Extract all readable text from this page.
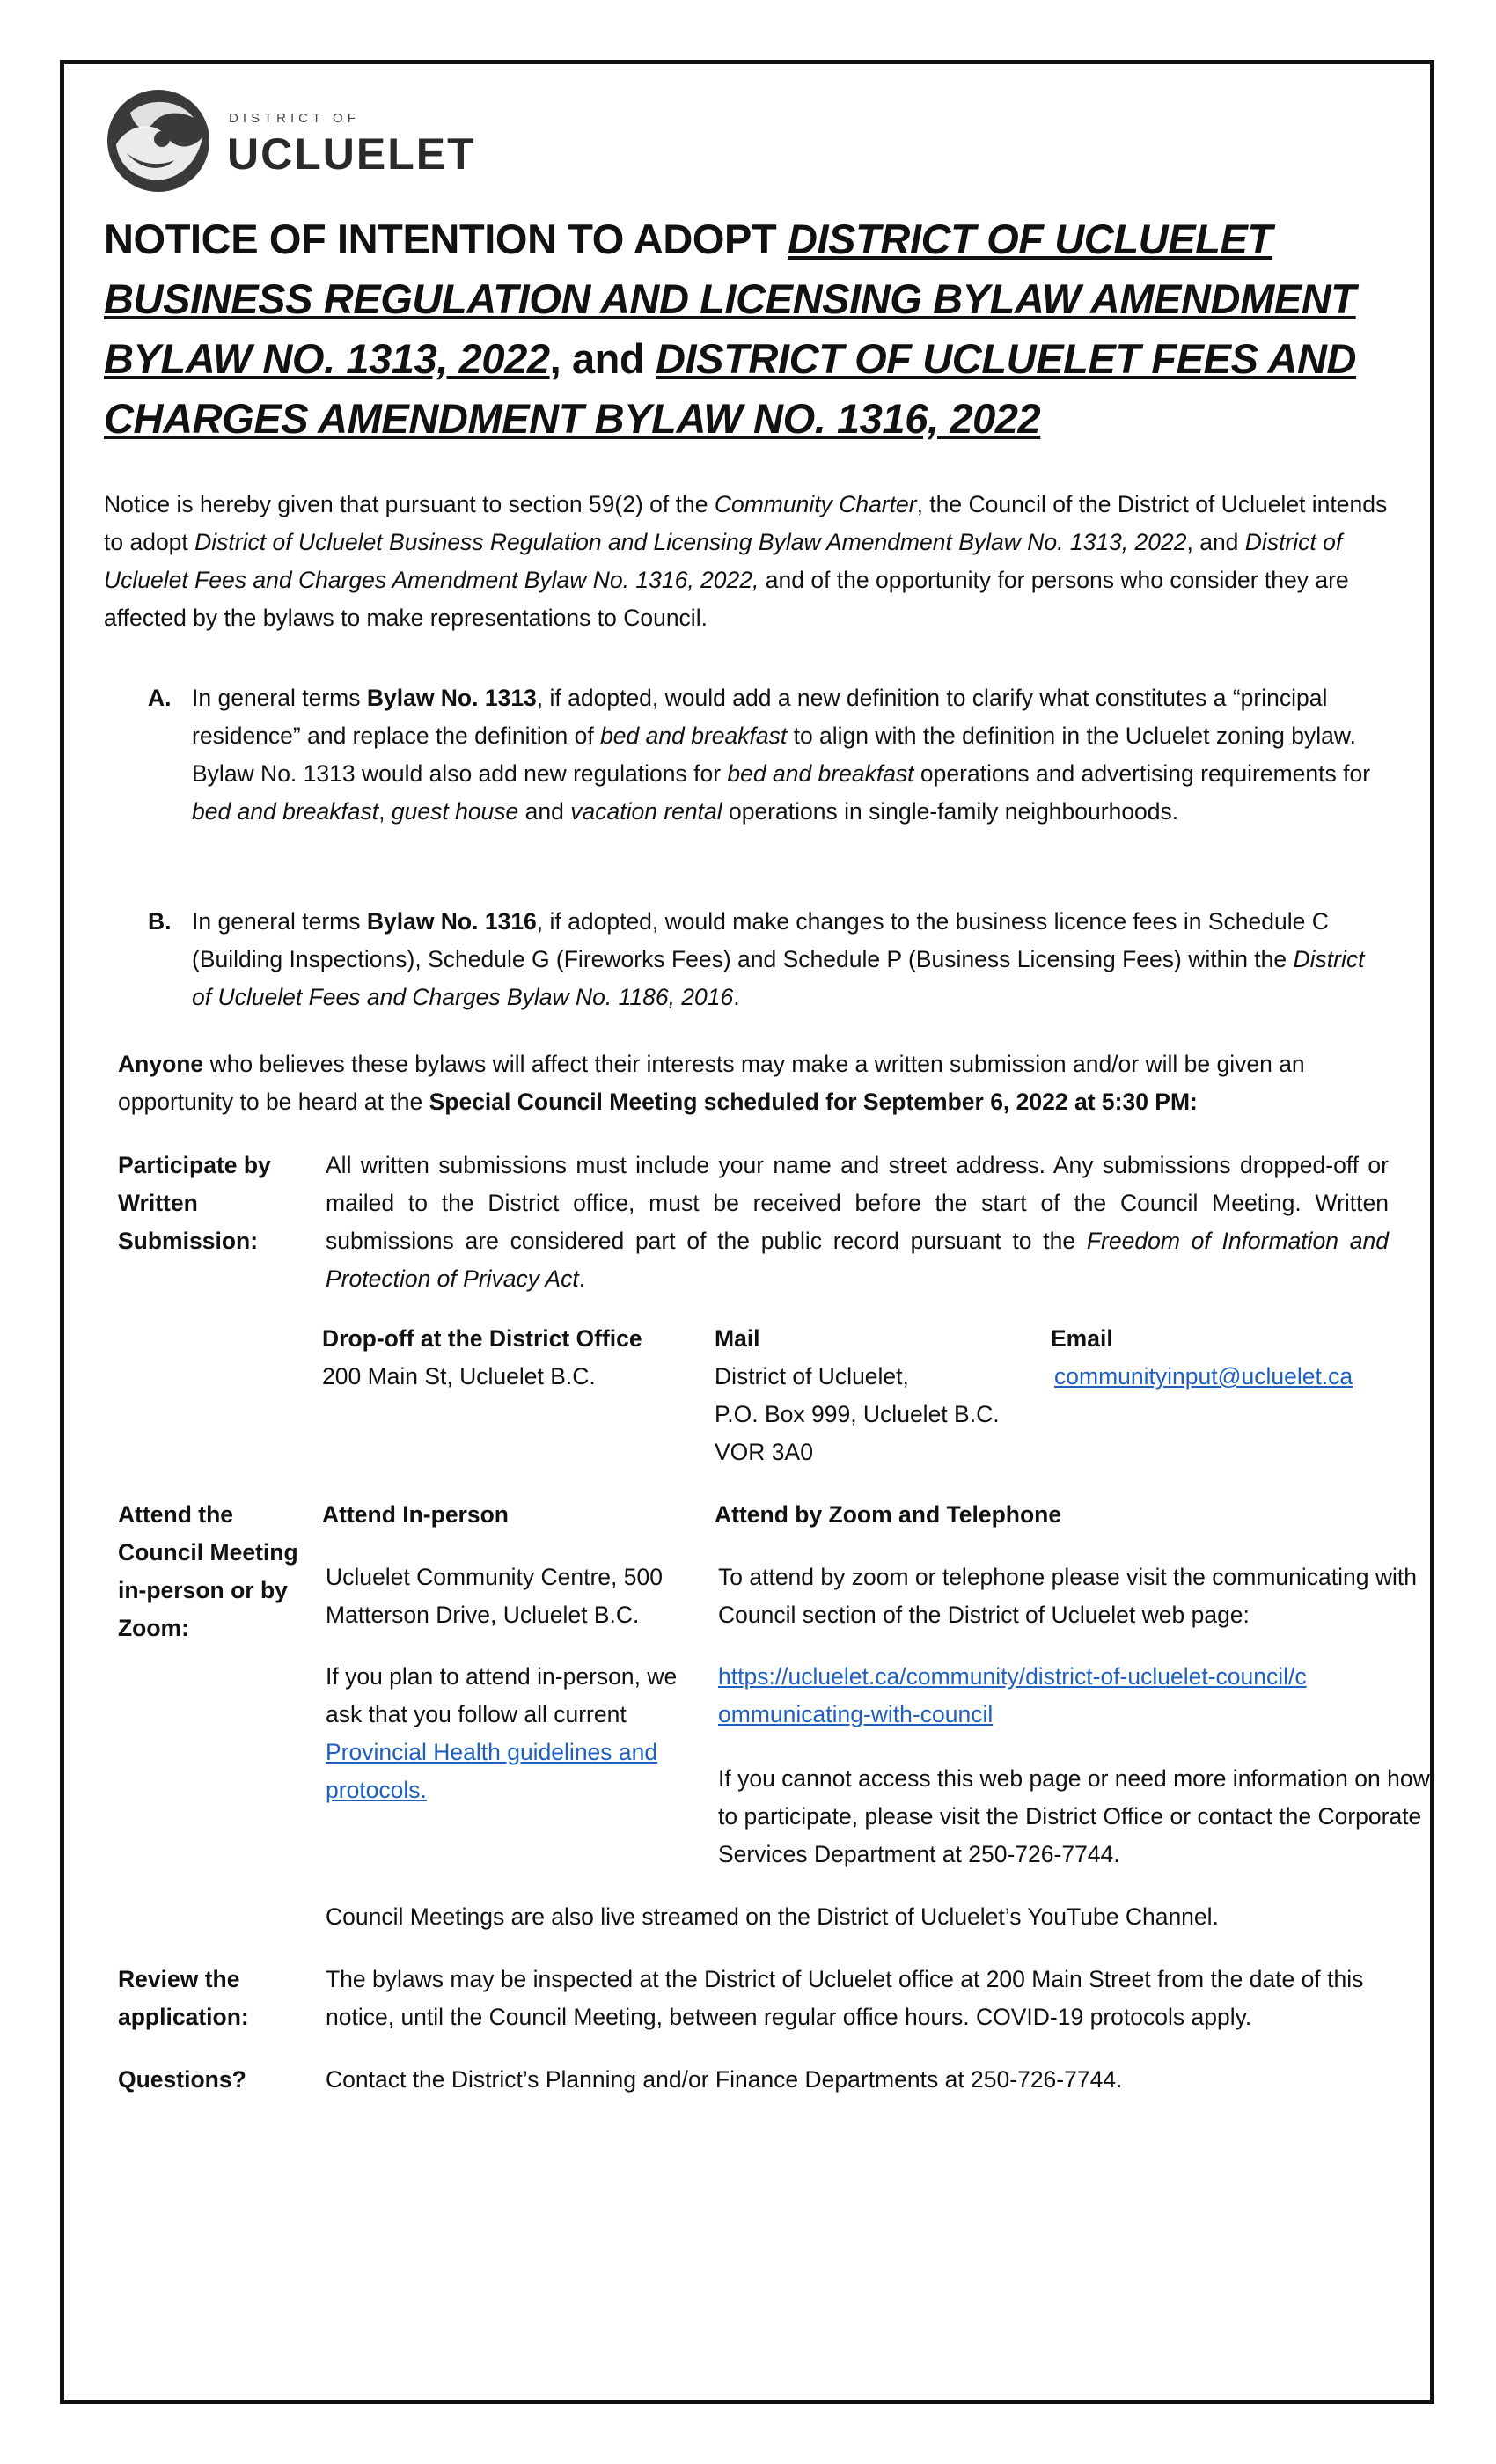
DISTRICT OF
UCLUELET
NOTICE OF INTENTION TO ADOPT DISTRICT OF UCLUELET BUSINESS REGULATION AND LICENSING BYLAW AMENDMENT BYLAW NO. 1313, 2022, and DISTRICT OF UCLUELET FEES AND CHARGES AMENDMENT BYLAW NO. 1316, 2022
Notice is hereby given that pursuant to section 59(2) of the Community Charter, the Council of the District of Ucluelet intends to adopt District of Ucluelet Business Regulation and Licensing Bylaw Amendment Bylaw No. 1313, 2022, and District of Ucluelet Fees and Charges Amendment Bylaw No. 1316, 2022, and of the opportunity for persons who consider they are affected by the bylaws to make representations to Council.
A. In general terms Bylaw No. 1313, if adopted, would add a new definition to clarify what constitutes a “principal residence” and replace the definition of bed and breakfast to align with the definition in the Ucluelet zoning bylaw. Bylaw No. 1313 would also add new regulations for bed and breakfast operations and advertising requirements for bed and breakfast, guest house and vacation rental operations in single-family neighbourhoods.
B. In general terms Bylaw No. 1316, if adopted, would make changes to the business licence fees in Schedule C (Building Inspections), Schedule G (Fireworks Fees) and Schedule P (Business Licensing Fees) within the District of Ucluelet Fees and Charges Bylaw No. 1186, 2016.
Anyone who believes these bylaws will affect their interests may make a written submission and/or will be given an opportunity to be heard at the Special Council Meeting scheduled for September 6, 2022 at 5:30 PM:
Participate by Written Submission:
All written submissions must include your name and street address. Any submissions dropped-off or mailed to the District office, must be received before the start of the Council Meeting. Written submissions are considered part of the public record pursuant to the Freedom of Information and Protection of Privacy Act.
Drop-off at the District Office
200 Main St, Ucluelet B.C.
Mail
District of Ucluelet,
P.O. Box 999, Ucluelet B.C.
VOR 3A0
Email
communityinput@ucluelet.ca
Attend the Council Meeting in-person or by Zoom:
Attend In-person	Attend by Zoom and Telephone
Ucluelet Community Centre, 500 Matterson Drive, Ucluelet B.C.
If you plan to attend in-person, we ask that you follow all current Provincial Health guidelines and protocols.
To attend by zoom or telephone please visit the communicating with Council section of the District of Ucluelet web page:
https://ucluelet.ca/community/district-of-ucluelet-council/communicating-with-council
If you cannot access this web page or need more information on how to participate, please visit the District Office or contact the Corporate Services Department at 250-726-7744.
Council Meetings are also live streamed on the District of Ucluelet’s YouTube Channel.
Review the application:
The bylaws may be inspected at the District of Ucluelet office at 200 Main Street from the date of this notice, until the Council Meeting, between regular office hours. COVID-19 protocols apply.
Questions?	Contact the District’s Planning and/or Finance Departments at 250-726-7744.
